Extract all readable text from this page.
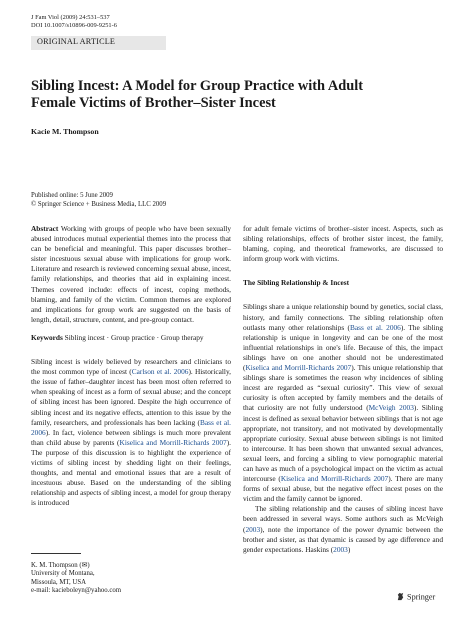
J Fam Viol (2009) 24:531–537
DOI 10.1007/s10896-009-9251-6
ORIGINAL ARTICLE
Sibling Incest: A Model for Group Practice with Adult
Female Victims of Brother–Sister Incest
Kacie M. Thompson
Published online: 5 June 2009
© Springer Science + Business Media, LLC 2009

Abstract Working with groups of people who have been sexually abused introduces mutual experiential themes into the process that can be beneficial and meaningful. This paper discusses brother–sister incestuous sexual abuse with implications for group work. Literature and research is reviewed concerning sexual abuse, incest, family relationships, and theories that aid in explaining incest. Themes covered include: effects of incest, coping methods, blaming, and family of the victim. Common themes are explored and implications for group work are suggested on the basis of length, detail, structure, content, and pre-group contact.

Keywords Sibling incest · Group practice · Group therapy

Sibling incest is widely believed by researchers and clinicians to the most common type of incest (Carlson et al. 2006). Historically, the issue of father–daughter incest has been most often referred to when speaking of incest as a form of sexual abuse; and the concept of sibling incest has been ignored. Despite the high occurrence of sibling incest and its negative effects, attention to this issue by the family, researchers, and professionals has been lacking (Bass et al. 2006). In fact, violence between siblings is much more prevalent than child abuse by parents (Kiselica and Morrill-Richards 2007). The purpose of this discussion is to highlight the experience of victims of sibling incest by shedding light on their feelings, thoughts, and mental and emotional issues that are a result of incestuous abuse. Based on the understanding of the sibling relationship and aspects of sibling incest, a model for group therapy is introduced

K. M. Thompson (✉)
University of Montana,
Missoula, MT, USA
e-mail: kacieboleyn@yahoo.com

for adult female victims of brother–sister incest. Aspects, such as sibling relationships, effects of brother sister incest, the family, blaming, coping, and theoretical frameworks, are discussed to inform group work with victims.

The Sibling Relationship & Incest

Siblings share a unique relationship bound by genetics, social class, history, and family connections. The sibling relationship often outlasts many other relationships (Bass et al. 2006). The sibling relationship is unique in longevity and can be one of the most influential relationships in one's life. Because of this, the impact siblings have on one another should not be underestimated (Kiselica and Morrill-Richards 2007). This unique relationship that siblings share is sometimes the reason why incidences of sibling incest are regarded as “sexual curiosity”. This view of sexual curiosity is often accepted by family members and the details of that curiosity are not fully understood (McVeigh 2003). Sibling incest is defined as sexual behavior between siblings that is not age appropriate, not transitory, and not motivated by developmentally appropriate curiosity. Sexual abuse between siblings is not limited to intercourse. It has been shown that unwanted sexual advances, sexual leers, and forcing a sibling to view pornographic material can have as much of a psychological impact on the victim as actual intercourse (Kiselica and Morrill-Richards 2007). There are many forms of sexual abuse, but the negative effect incest poses on the victim and the family cannot be ignored.

The sibling relationship and the causes of sibling incest have been addressed in several ways. Some authors such as McVeigh (2003), note the importance of the power dynamic between the brother and sister, as that dynamic is caused by age difference and gender expectations. Haskins (2003)

Springer
